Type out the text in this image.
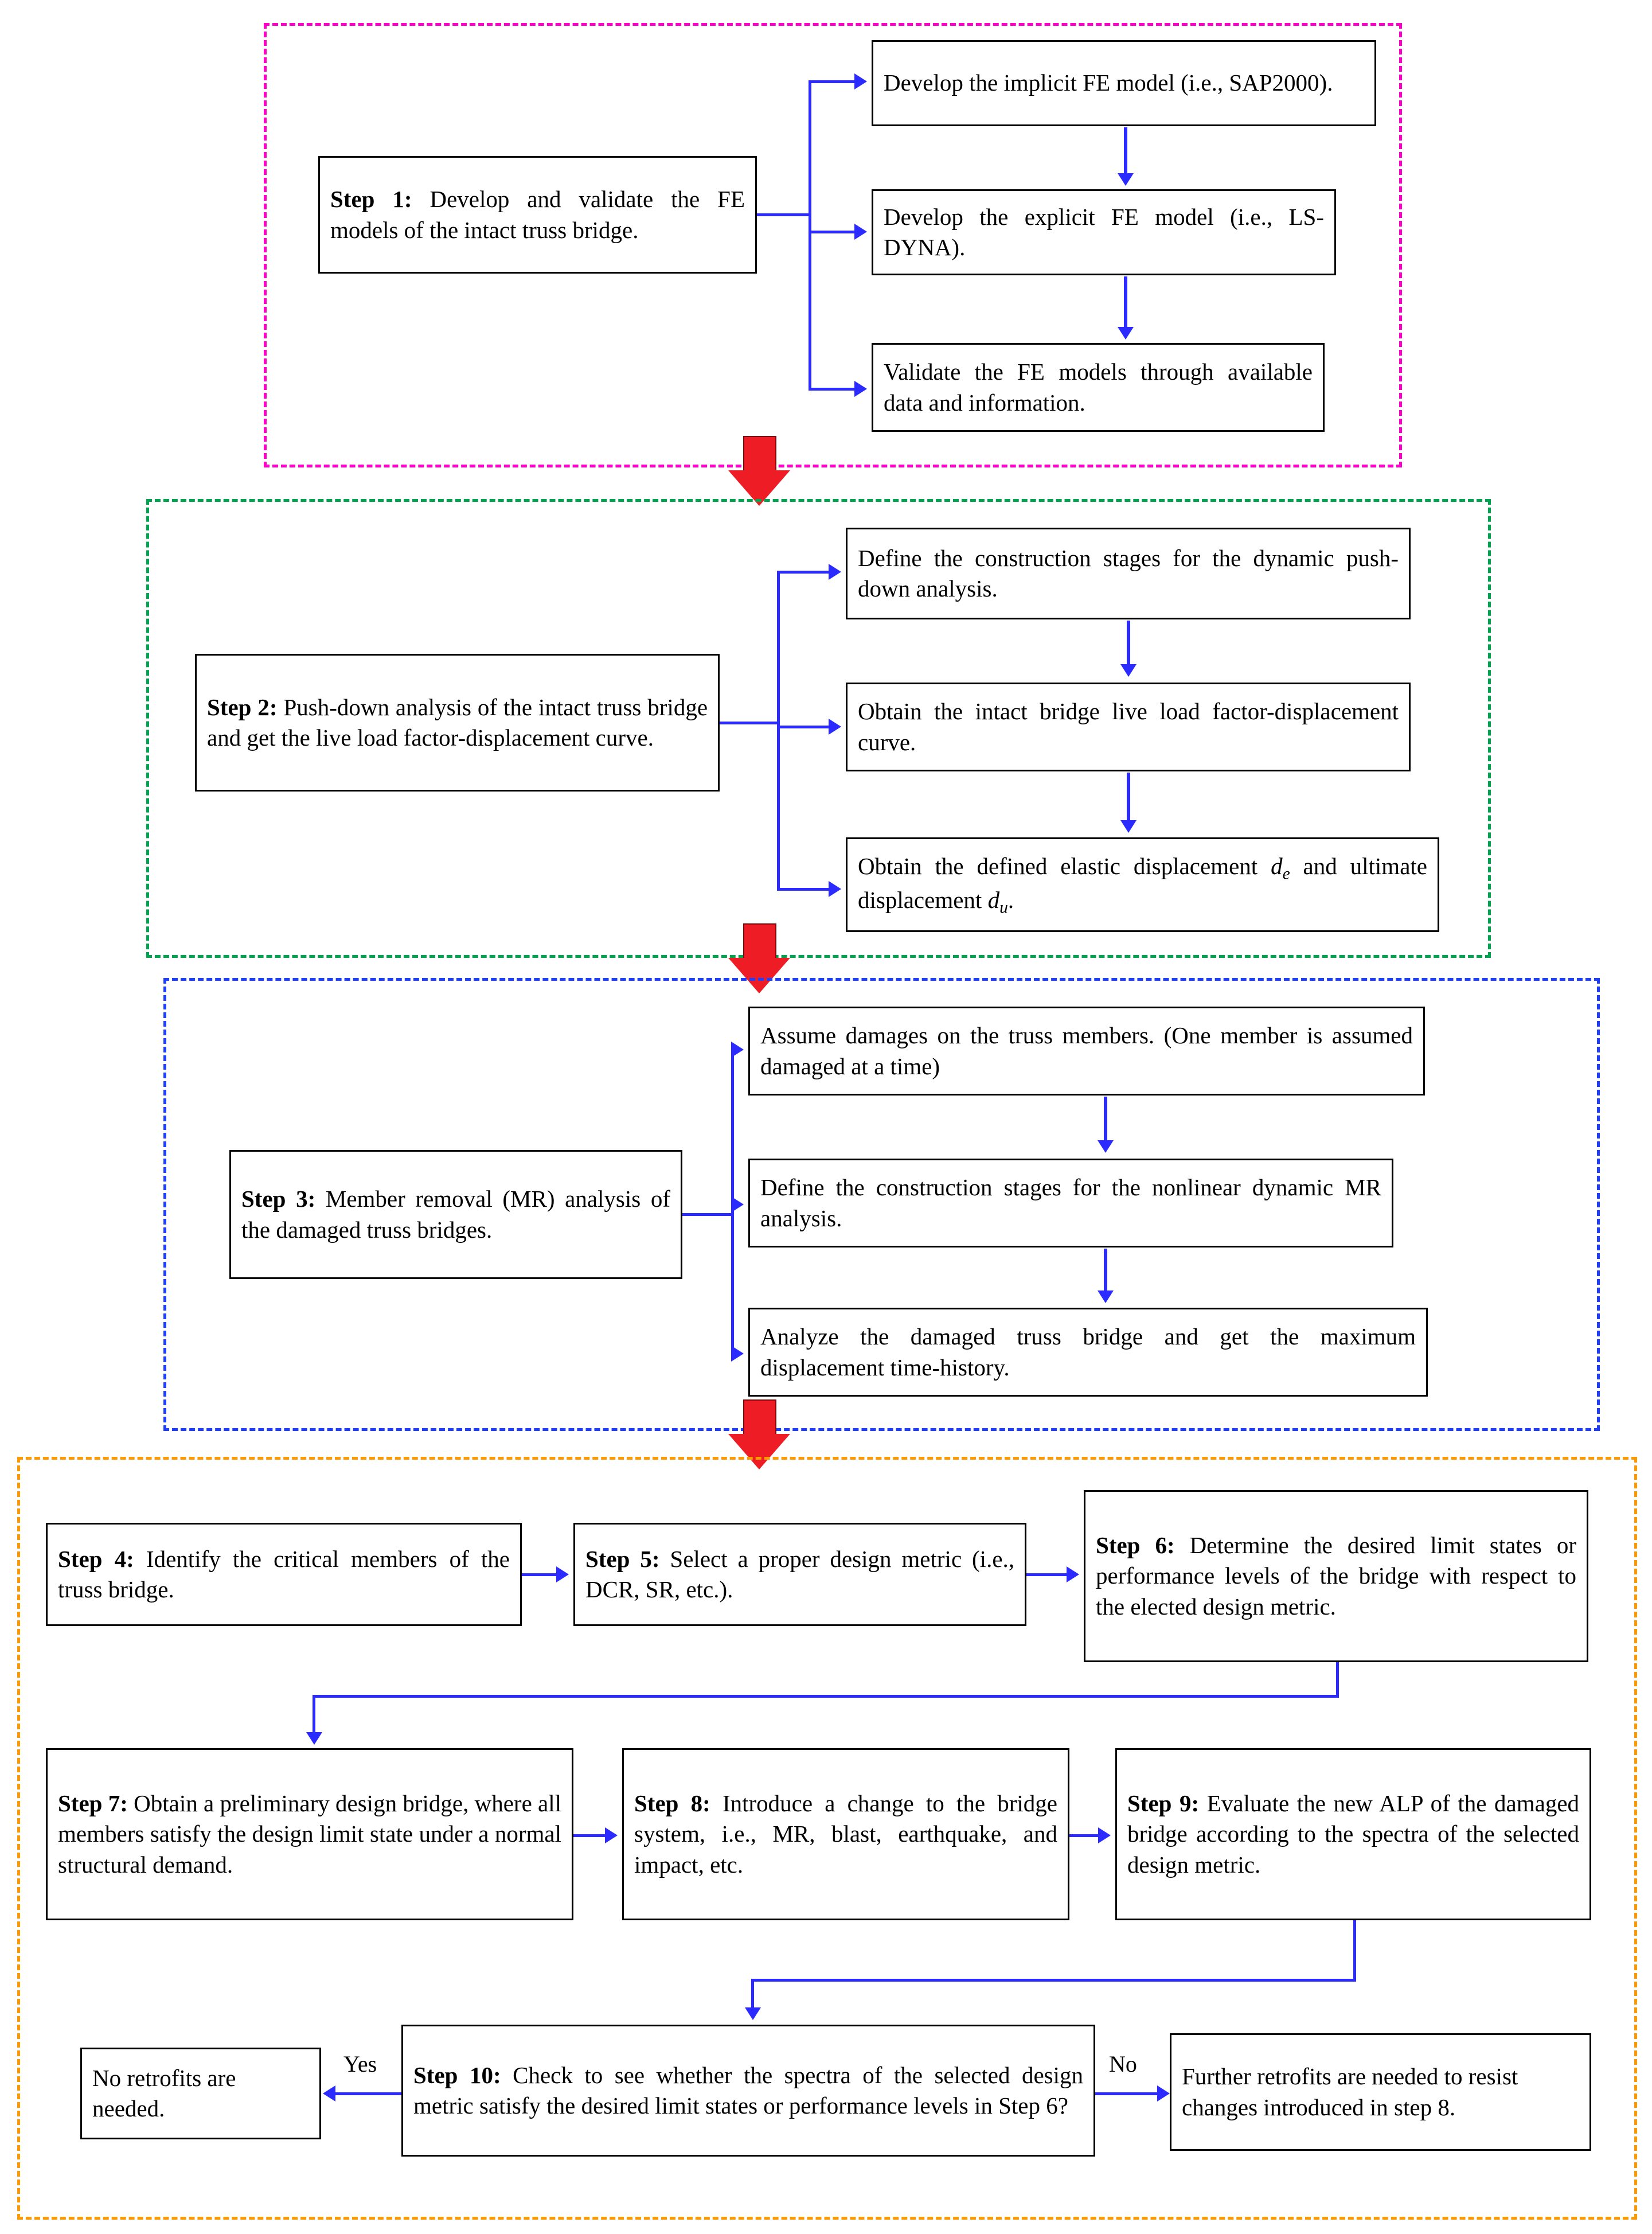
Step 1: Develop and validate the FE models of the intact truss bridge.
Develop the implicit FE model (i.e., SAP2000).
Develop the explicit FE model (i.e., LS-DYNA).
Validate the FE models through available data and information.
Step 2: Push-down analysis of the intact truss bridge and get the live load factor-displacement curve.
Define the construction stages for the dynamic push-down analysis.
Obtain the intact bridge live load factor-displacement curve.
Obtain the defined elastic displacement $d_e$ and ultimate displacement $d_u$.
Step 3: Member removal (MR) analysis of the damaged truss bridges.
Assume damages on the truss members. (One member is assumed damaged at a time)
Define the construction stages for the nonlinear dynamic MR analysis.
Analyze the damaged truss bridge and get the maximum displacement time-history.
Step 4: Identify the critical members of the truss bridge.
Step 5: Select a proper design metric (i.e., DCR, SR, etc.).
Step 6: Determine the desired limit states or performance levels of the bridge with respect to the elected design metric.
Step 7: Obtain a preliminary design bridge, where all members satisfy the design limit state under a normal structural demand.
Step 8: Introduce a change to the bridge system, i.e., MR, blast, earthquake, and impact, etc.
Step 9: Evaluate the new ALP of the damaged bridge according to the spectra of the selected design metric.
Step 10: Check to see whether the spectra of the selected design metric satisfy the desired limit states or performance levels in Step 6?
No retrofits are needed.
Yes	Further retrofits are needed to resist changes introduced in step 8.
No
